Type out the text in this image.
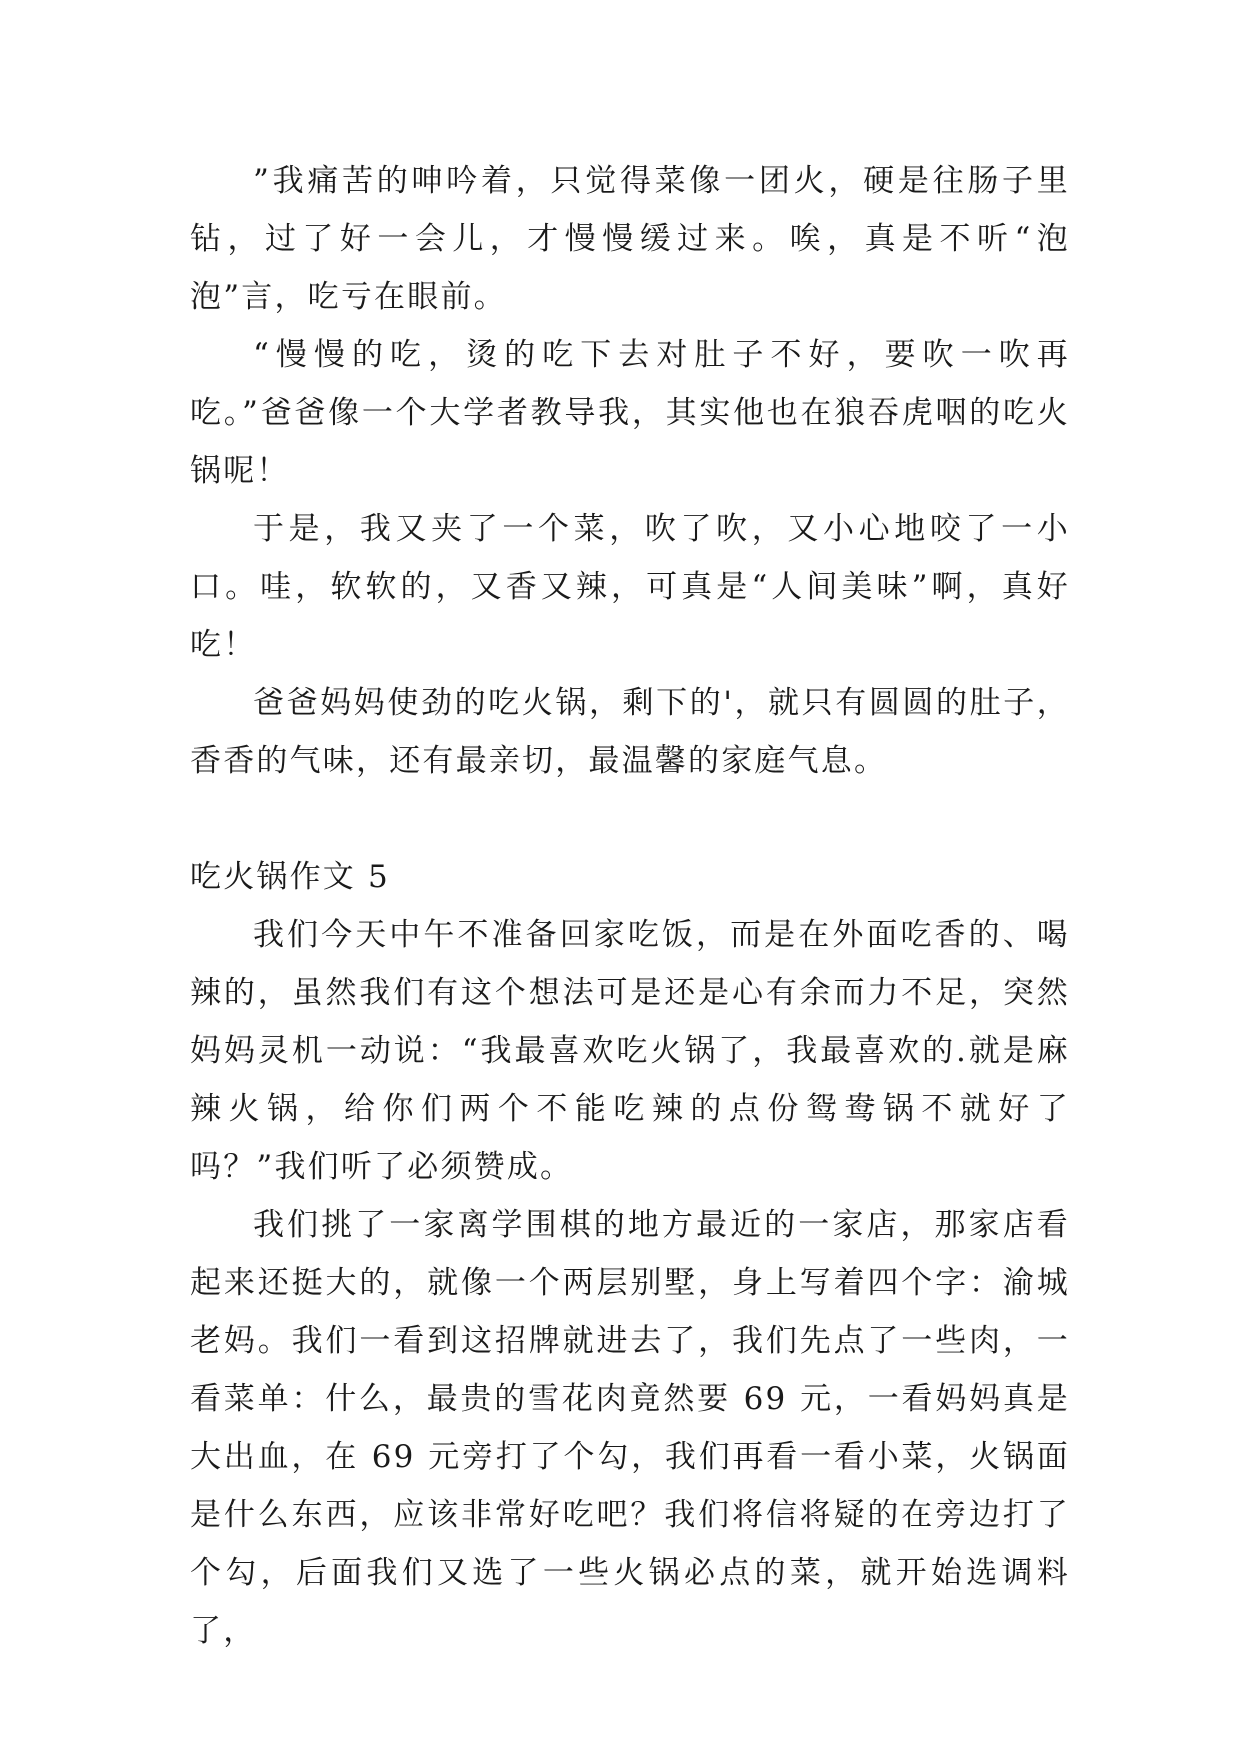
”我痛苦的呻吟着，只觉得菜像一团火，硬是往肠子里钻，过了好一会儿，才慢慢缓过来。唉，真是不听“泡泡”言，吃亏在眼前。

“慢慢的吃，烫的吃下去对肚子不好，要吹一吹再吃。”爸爸像一个大学者教导我，其实他也在狼吞虎咽的吃火锅呢！

于是，我又夹了一个菜，吹了吹，又小心地咬了一小口。哇，软软的，又香又辣，可真是“人间美味”啊，真好吃！

爸爸妈妈使劲的吃火锅，剩下的'，就只有圆圆的肚子，香香的气味，还有最亲切，最温馨的家庭气息。

吃火锅作文 5

我们今天中午不准备回家吃饭，而是在外面吃香的、喝辣的，虽然我们有这个想法可是还是心有余而力不足，突然妈妈灵机一动说：“我最喜欢吃火锅了，我最喜欢的.就是麻辣火锅，给你们两个不能吃辣的点份鸳鸯锅不就好了吗？”我们听了必须赞成。

我们挑了一家离学围棋的地方最近的一家店，那家店看起来还挺大的，就像一个两层别墅，身上写着四个字：渝城老妈。我们一看到这招牌就进去了，我们先点了一些肉，一看菜单：什么，最贵的雪花肉竟然要 69 元，一看妈妈真是大出血，在 69 元旁打了个勾，我们再看一看小菜，火锅面是什么东西，应该非常好吃吧？我们将信将疑的在旁边打了个勾，后面我们又选了一些火锅必点的菜，就开始选调料了，
